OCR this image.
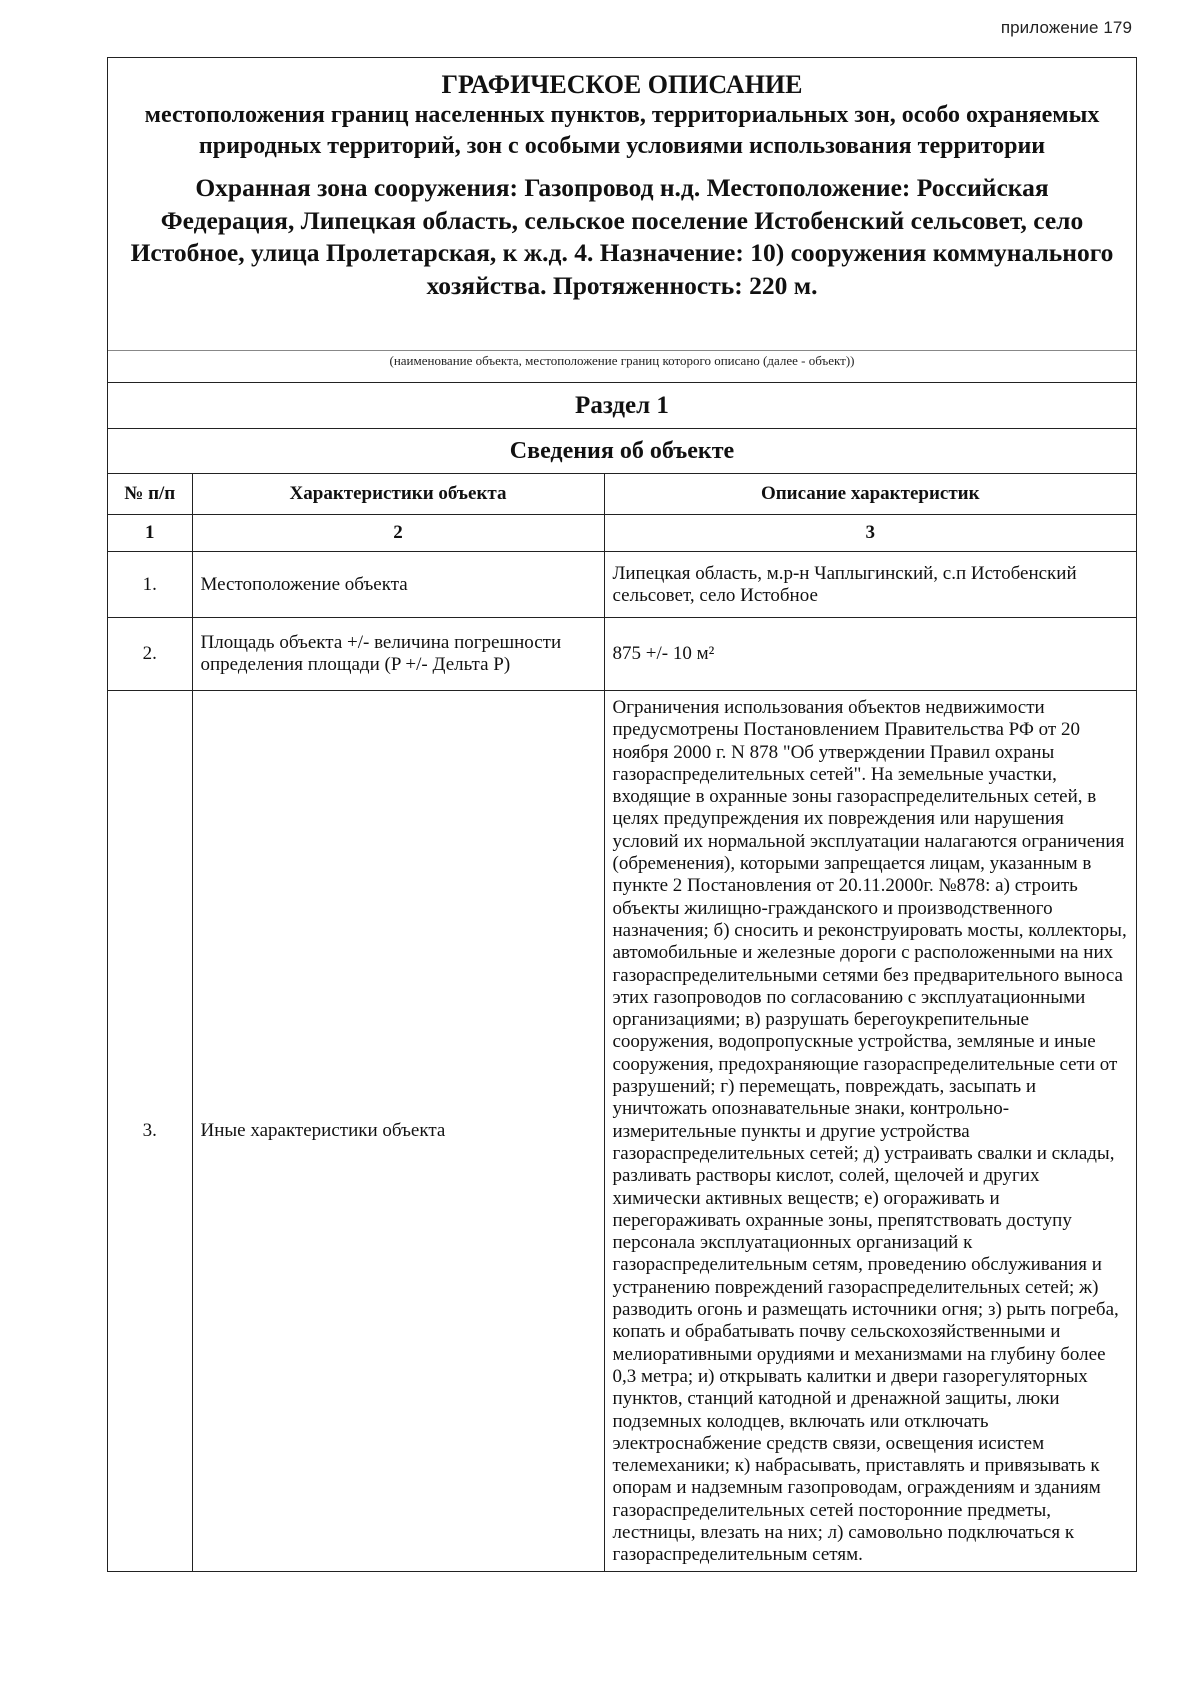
приложение 179
ГРАФИЧЕСКОЕ ОПИСАНИЕ
местоположения границ населенных пунктов, территориальных зон, особо охраняемых природных территорий, зон с особыми условиями использования территории
Охранная зона сооружения: Газопровод н.д. Местоположение: Российская Федерация, Липецкая область, сельское поселение Истобенский сельсовет, село Истобное, улица Пролетарская, к ж.д. 4. Назначение: 10) сооружения коммунального хозяйства. Протяженность: 220 м.
(наименование объекта, местоположение границ которого описано (далее - объект))
Раздел 1
Сведения об объекте
№ п/п	Характеристики объекта	Описание характеристик
1	2	3
1.	Местоположение объекта	Липецкая область, м.р-н Чаплыгинский, с.п Истобенский сельсовет, село Истобное
2.	Площадь объекта +/- величина погрешности определения площади (P +/- Дельта P)	875 +/- 10 м²
3.	Иные характеристики объекта	Ограничения использования объектов недвижимости предусмотрены Постановлением Правительства РФ от 20 ноября 2000 г. N 878 "Об утверждении Правил охраны газораспределительных сетей". На земельные участки, входящие в охранные зоны газораспределительных сетей, в целях предупреждения их повреждения или нарушения условий их нормальной эксплуатации налагаются ограничения (обременения), которыми запрещается лицам, указанным в пункте 2 Постановления от 20.11.2000г. №878: а) строить объекты жилищно-гражданского и производственного назначения; б) сносить и реконструировать мосты, коллекторы, автомобильные и железные дороги с расположенными на них газораспределительными сетями без предварительного выноса этих газопроводов по согласованию с эксплуатационными организациями; в) разрушать берегоукрепительные сооружения, водопропускные устройства, земляные и иные сооружения, предохраняющие газораспределительные сети от разрушений; г) перемещать, повреждать, засыпать и уничтожать опознавательные знаки, контрольно-измерительные пункты и другие устройства газораспределительных сетей; д) устраивать свалки и склады, разливать растворы кислот, солей, щелочей и других химически активных веществ; е) огораживать и перегораживать охранные зоны, препятствовать доступу персонала эксплуатационных организаций к газораспределительным сетям, проведению обслуживания и устранению повреждений газораспределительных сетей; ж) разводить огонь и размещать источники огня; з) рыть погреба, копать и обрабатывать почву сельскохозяйственными и мелиоративными орудиями и механизмами на глубину более 0,3 метра; и) открывать калитки и двери газорегуляторных пунктов, станций катодной и дренажной защиты, люки подземных колодцев, включать или отключать электроснабжение средств связи, освещения исистем телемеханики; к) набрасывать, приставлять и привязывать к опорам и надземным газопроводам, ограждениям и зданиям газораспределительных сетей посторонние предметы, лестницы, влезать на них; л) самовольно подключаться к газораспределительным сетям.
